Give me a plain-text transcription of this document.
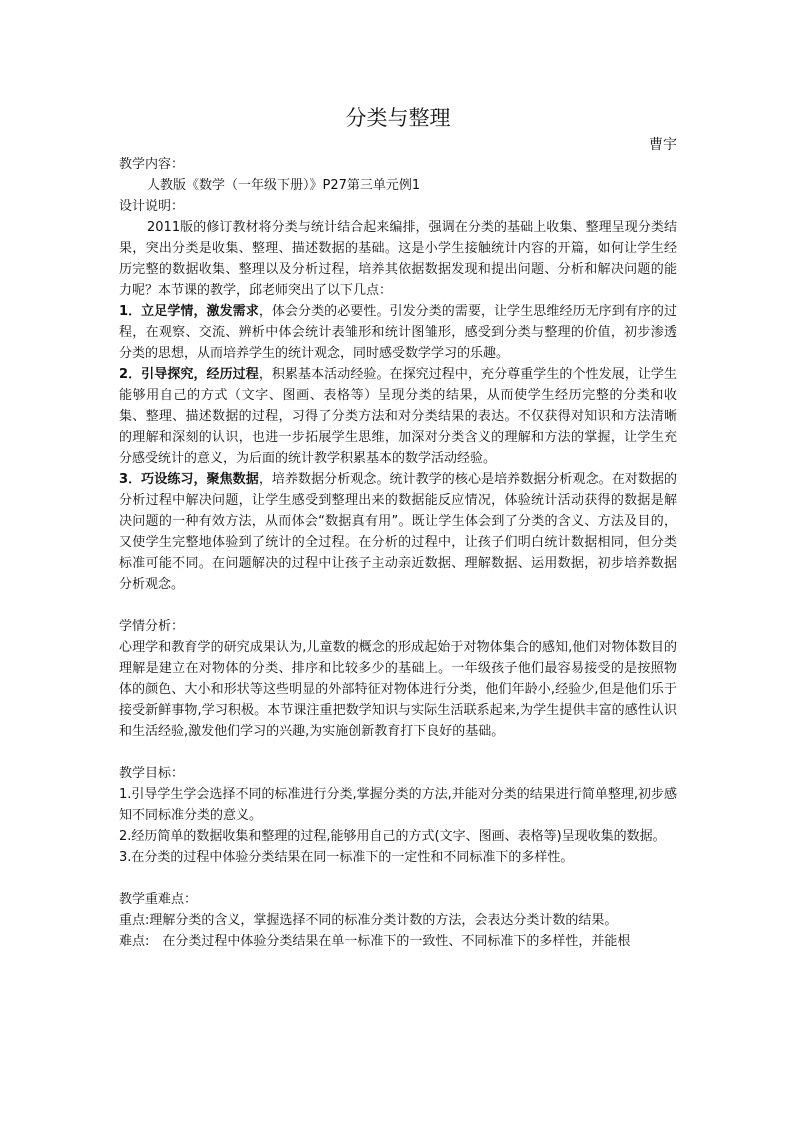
分类与整理
曹宇
教学内容：

人教版《数学（一年级下册）》P27第三单元例1

设计说明：

2011版的修订教材将分类与统计结合起来编排，强调在分类的基础上收集、整理呈现分类结果，突出分类是收集、整理、描述数据的基础。这是小学生接触统计内容的开篇，如何让学生经历完整的数据收集、整理以及分析过程，培养其依据数据发现和提出问题、分析和解决问题的能力呢？本节课的教学，邱老师突出了以下几点：

1．立足学情，激发需求，体会分类的必要性。引发分类的需要，让学生思维经历无序到有序的过程，在观察、交流、辨析中体会统计表雏形和统计图雏形，感受到分类与整理的价值，初步渗透分类的思想，从而培养学生的统计观念，同时感受数学学习的乐趣。

2．引导探究，经历过程，积累基本活动经验。在探究过程中，充分尊重学生的个性发展，让学生能够用自己的方式（文字、图画、表格等）呈现分类的结果，从而使学生经历完整的分类和收集、整理、描述数据的过程，习得了分类方法和对分类结果的表达。不仅获得对知识和方法清晰的理解和深刻的认识，也进一步拓展学生思维，加深对分类含义的理解和方法的掌握，让学生充分感受统计的意义，为后面的统计教学积累基本的数学活动经验。

3．巧设练习，聚焦数据，培养数据分析观念。统计教学的核心是培养数据分析观念。在对数据的分析过程中解决问题，让学生感受到整理出来的数据能反应情况，体验统计活动获得的数据是解决问题的一种有效方法，从而体会“数据真有用”。既让学生体会到了分类的含义、方法及目的，又使学生完整地体验到了统计的全过程。在分析的过程中，让孩子们明白统计数据相同，但分类标准可能不同。在问题解决的过程中让孩子主动亲近数据、理解数据、运用数据，初步培养数据分析观念。

学情分析：

心理学和教育学的研究成果认为,儿童数的概念的形成起始于对物体集合的感知,他们对物体数目的理解是建立在对物体的分类、排序和比较多少的基础上。一年级孩子他们最容易接受的是按照物体的颜色、大小和形状等这些明显的外部特征对物体进行分类，他们年龄小,经验少,但是他们乐于接受新鲜事物,学习积极。本节课注重把数学知识与实际生活联系起来,为学生提供丰富的感性认识和生活经验,激发他们学习的兴趣,为实施创新教育打下良好的基础。

教学目标：

1.引导学生学会选择不同的标准进行分类,掌握分类的方法,并能对分类的结果进行简单整理,初步感知不同标准分类的意义。

2.经历简单的数据收集和整理的过程,能够用自己的方式(文字、图画、表格等)呈现收集的数据。

3.在分类的过程中体验分类结果在同一标准下的一定性和不同标准下的多样性。

教学重难点：

重点:理解分类的含义，掌握选择不同的标准分类计数的方法，会表达分类计数的结果。

难点:　在分类过程中体验分类结果在单一标准下的一致性、不同标准下的多样性，并能根
